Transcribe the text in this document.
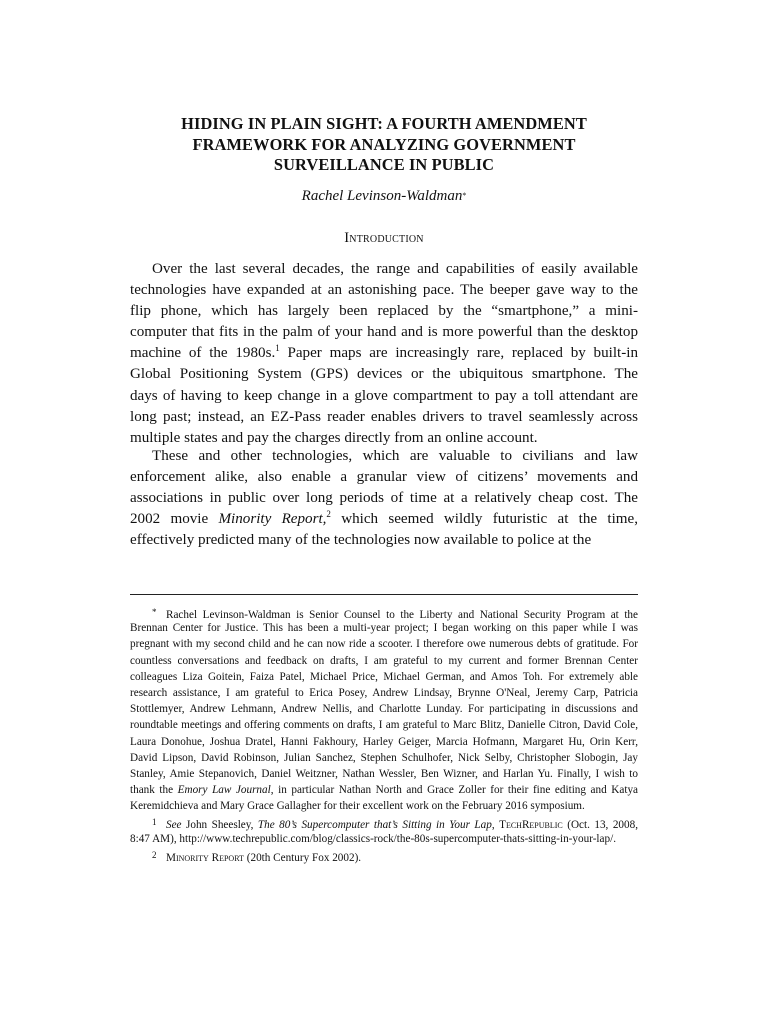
HIDING IN PLAIN SIGHT: A FOURTH AMENDMENT
FRAMEWORK FOR ANALYZING GOVERNMENT
SURVEILLANCE IN PUBLIC
Rachel Levinson-Waldman*
Introduction
Over the last several decades, the range and capabilities of easily available
technologies have expanded at an astonishing pace. The beeper gave way to the
flip phone, which has largely been replaced by the “smartphone,” a mini-
computer that fits in the palm of your hand and is more powerful than the desktop
machine of the 1980s.$^1$ Paper maps are increasingly rare, replaced by built-in
Global Positioning System (GPS) devices or the ubiquitous smartphone. The
days of having to keep change in a glove compartment to pay a toll attendant are
long past; instead, an EZ-Pass reader enables drivers to travel seamlessly across
multiple states and pay the charges directly from an online account.
These and other technologies, which are valuable to civilians and law
enforcement alike, also enable a granular view of citizens’ movements and
associations in public over long periods of time at a relatively cheap cost. The
2002 movie Minority Report,$^2$ which seemed wildly futuristic at the time,
effectively predicted many of the technologies now available to police at the
* Rachel Levinson-Waldman is Senior Counsel to the Liberty and National Security Program at the
Brennan Center for Justice. This has been a multi-year project; I began working on this paper while I was
pregnant with my second child and he can now ride a scooter. I therefore owe numerous debts of gratitude. For
countless conversations and feedback on drafts, I am grateful to my current and former Brennan Center
colleagues Liza Goitein, Faiza Patel, Michael Price, Michael German, and Amos Toh. For extremely able
research assistance, I am grateful to Erica Posey, Andrew Lindsay, Brynne O'Neal, Jeremy Carp, Patricia
Stottlemyer, Andrew Lehmann, Andrew Nellis, and Charlotte Lunday. For participating in discussions and
roundtable meetings and offering comments on drafts, I am grateful to Marc Blitz, Danielle Citron, David Cole,
Laura Donohue, Joshua Dratel, Hanni Fakhoury, Harley Geiger, Marcia Hofmann, Margaret Hu, Orin Kerr,
David Lipson, David Robinson, Julian Sanchez, Stephen Schulhofer, Nick Selby, Christopher Slobogin, Jay
Stanley, Amie Stepanovich, Daniel Weitzner, Nathan Wessler, Ben Wizner, and Harlan Yu. Finally, I wish to
thank the Emory Law Journal, in particular Nathan North and Grace Zoller for their fine editing and Katya
Keremidchieva and Mary Grace Gallagher for their excellent work on the February 2016 symposium.
1 See John Sheesley, The 80’s Supercomputer that’s Sitting in Your Lap, TechRepublic (Oct. 13, 2008,
8:47 AM), http://www.techrepublic.com/blog/classics-rock/the-80s-supercomputer-thats-sitting-in-your-lap/.
2 Minority Report (20th Century Fox 2002).
